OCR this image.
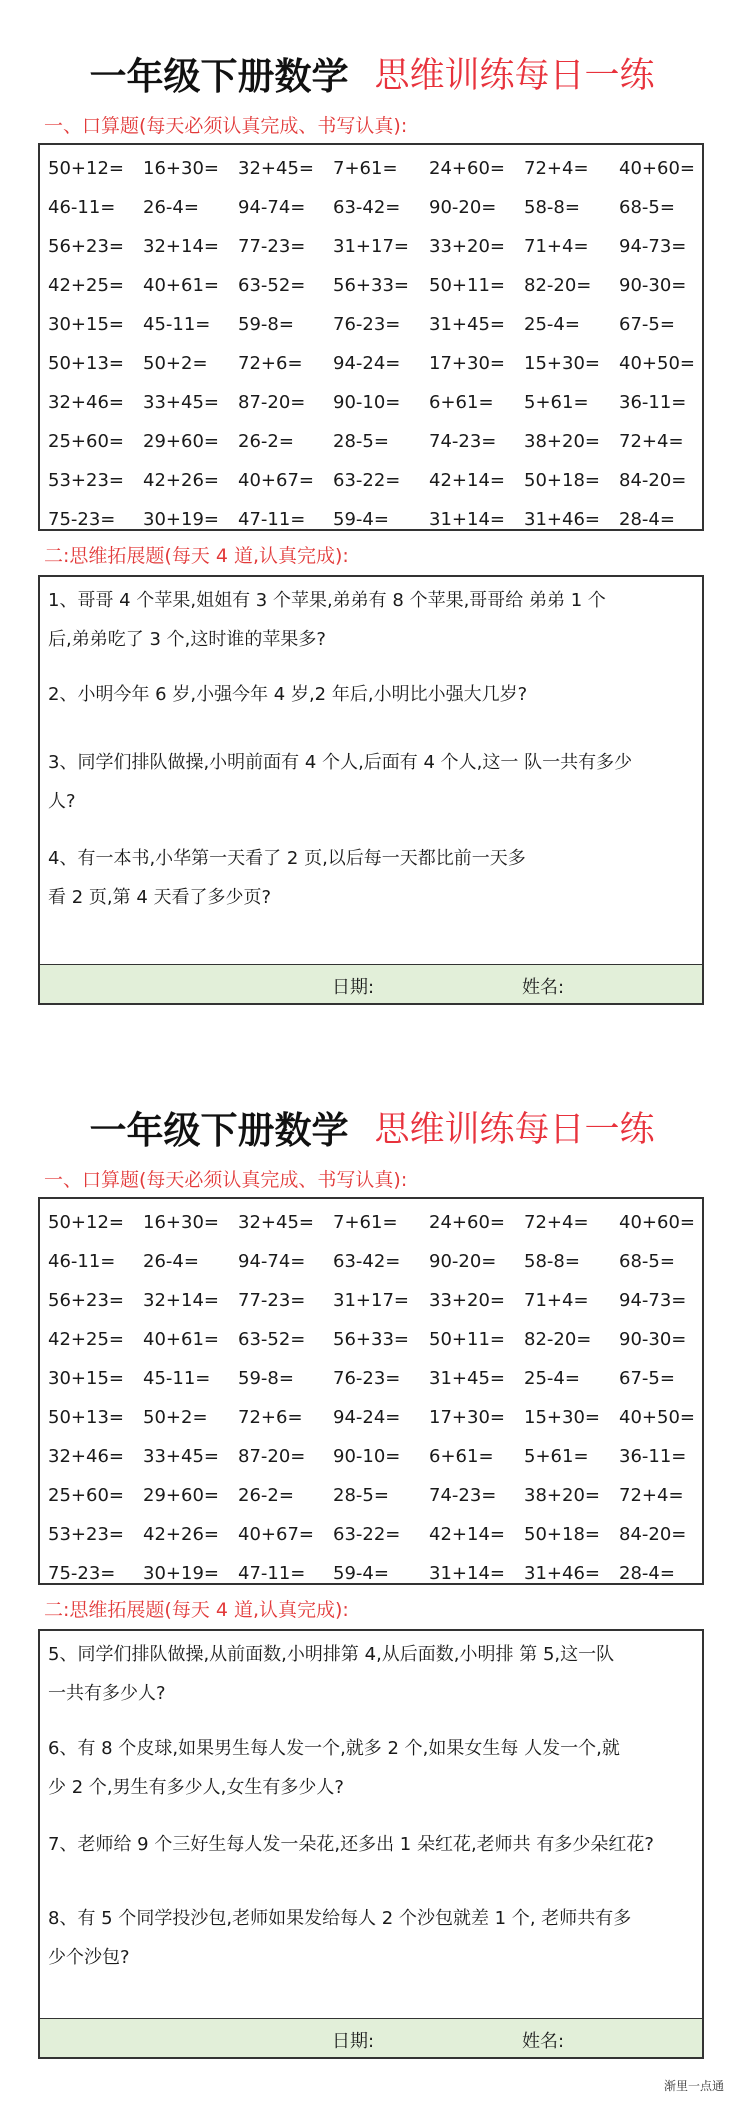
一年级下册数学 思维训练每日一练
一、口算题(每天必须认真完成、书写认真):
50+12= 16+30= 32+45= 7+61= 24+60= 72+4= 40+60=
46-11= 26-4= 94-74= 63-42= 90-20= 58-8= 68-5=
56+23= 32+14= 77-23= 31+17= 33+20= 71+4= 94-73=
42+25= 40+61= 63-52= 56+33= 50+11= 82-20= 90-30=
30+15= 45-11= 59-8= 76-23= 31+45= 25-4= 67-5=
50+13= 50+2= 72+6= 94-24= 17+30= 15+30= 40+50=
32+46= 33+45= 87-20= 90-10= 6+61= 5+61= 36-11=
25+60= 29+60= 26-2= 28-5= 74-23= 38+20= 72+4=
53+23= 42+26= 40+67= 63-22= 42+14= 50+18= 84-20=
75-23= 30+19= 47-11= 59-4= 31+14= 31+46= 28-4=
二:思维拓展题(每天 4 道,认真完成):
1、哥哥 4 个苹果,姐姐有 3 个苹果,弟弟有 8 个苹果,哥哥给 弟弟 1 个
后,弟弟吃了 3 个,这时谁的苹果多?
2、小明今年 6 岁,小强今年 4 岁,2 年后,小明比小强大几岁?
3、同学们排队做操,小明前面有 4 个人,后面有 4 个人,这一 队一共有多少
人?
4、有一本书,小华第一天看了 2 页,以后每一天都比前一天多
看 2 页,第 4 天看了多少页?
日期:	姓名:
一年级下册数学 思维训练每日一练
一、口算题(每天必须认真完成、书写认真):
50+12= 16+30= 32+45= 7+61= 24+60= 72+4= 40+60=
46-11= 26-4= 94-74= 63-42= 90-20= 58-8= 68-5=
56+23= 32+14= 77-23= 31+17= 33+20= 71+4= 94-73=
42+25= 40+61= 63-52= 56+33= 50+11= 82-20= 90-30=
30+15= 45-11= 59-8= 76-23= 31+45= 25-4= 67-5=
50+13= 50+2= 72+6= 94-24= 17+30= 15+30= 40+50=
32+46= 33+45= 87-20= 90-10= 6+61= 5+61= 36-11=
25+60= 29+60= 26-2= 28-5= 74-23= 38+20= 72+4=
53+23= 42+26= 40+67= 63-22= 42+14= 50+18= 84-20=
75-23= 30+19= 47-11= 59-4= 31+14= 31+46= 28-4=
二:思维拓展题(每天 4 道,认真完成):
5、同学们排队做操,从前面数,小明排第 4,从后面数,小明排 第 5,这一队
一共有多少人?
6、有 8 个皮球,如果男生每人发一个,就多 2 个,如果女生每 人发一个,就
少 2 个,男生有多少人,女生有多少人?
7、老师给 9 个三好生每人发一朵花,还多出 1 朵红花,老师共 有多少朵红花?
8、有 5 个同学投沙包,老师如果发给每人 2 个沙包就差 1 个, 老师共有多
少个沙包?
日期:	姓名:
渐里一点通
